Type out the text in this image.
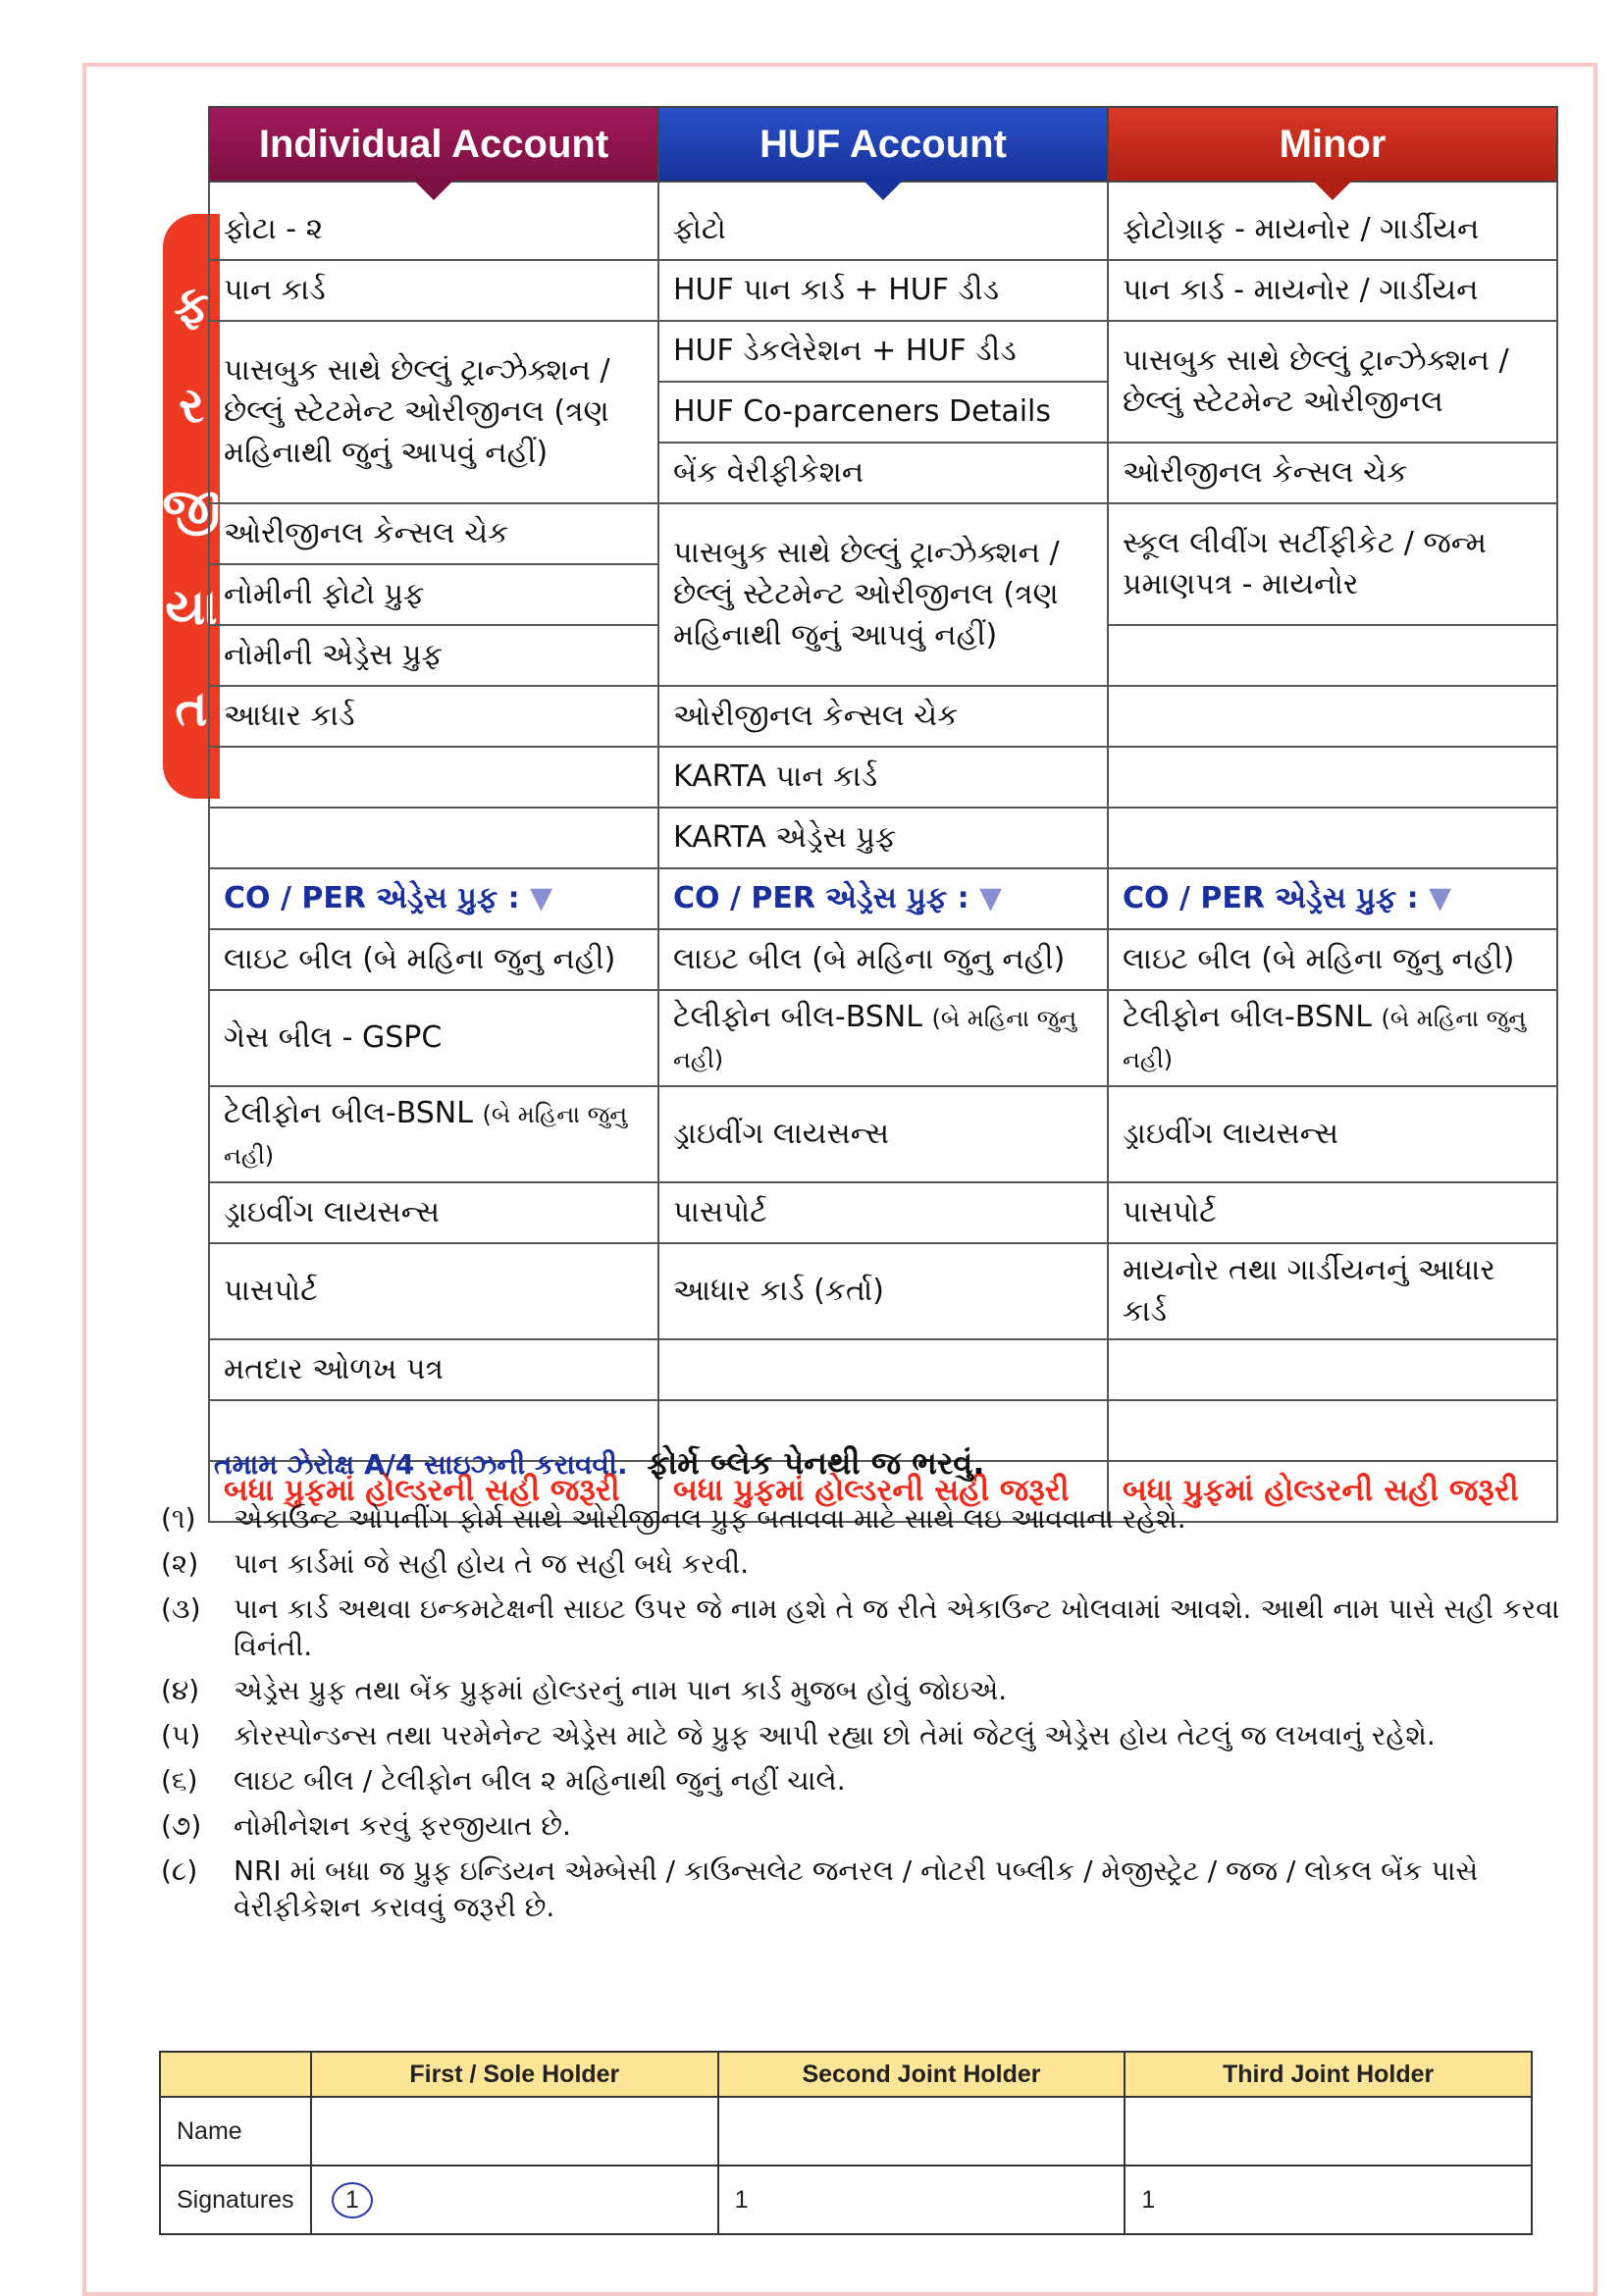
ફ
ર
જી
યા
ત
Individual Account	HUF Account	Minor

ફોટા - ૨	ફોટો	ફોટોગ્રાફ - માયનોર / ગાર્ડીયન
પાન કાર્ડ	HUF પાન કાર્ડ + HUF ડીડ	પાન કાર્ડ - માયનોર / ગાર્ડીયન
પાસબુક સાથે છેલ્લું ટ્રાન્ઝેક્શન / છેલ્લું સ્ટેટમેન્ટ ઓરીજીનલ (ત્રણ મહિનાથી જુનું આપવું નહીં)	HUF ડેકલેરેશન + HUF ડીડ	પાસબુક સાથે છેલ્લું ટ્રાન્ઝેક્શન / છેલ્લું સ્ટેટમેન્ટ ઓરીજીનલ
	HUF Co-parceners Details	
	બેંક વેરીફીકેશન	ઓરીજીનલ કેન્સલ ચેક
ઓરીજીનલ કેન્સલ ચેક	પાસબુક સાથે છેલ્લું ટ્રાન્ઝેક્શન / છેલ્લું સ્ટેટમેન્ટ ઓરીજીનલ (ત્રણ મહિનાથી જુનું આપવું નહીં)	સ્કૂલ લીવીંગ સર્ટીફીકેટ / જન્મ પ્રમાણપત્ર - માયનોર
નોમીની ફોટો પ્રુફ		
નોમીની એડ્રેસ પ્રુફ		
આધાર કાર્ડ	ઓરીજીનલ કેન્સલ ચેક	
	KARTA પાન કાર્ડ	
	KARTA એડ્રેસ પ્રુફ	
CO / PER એડ્રેસ પ્રુફ : ▼	CO / PER એડ્રેસ પ્રુફ : ▼	CO / PER એડ્રેસ પ્રુફ : ▼
લાઇટ બીલ (બે મહિના જુનુ નહી)	લાઇટ બીલ (બે મહિના જુનુ નહી)	લાઇટ બીલ (બે મહિના જુનુ નહી)
ગેસ બીલ - GSPC	ટેલીફોન બીલ-BSNL (બે મહિના જુનુ નહી)	ટેલીફોન બીલ-BSNL (બે મહિના જુનુ નહી)
ટેલીફોન બીલ-BSNL (બે મહિના જુનુ નહી)	ડ્રાઇવીંગ લાયસન્સ	ડ્રાઇવીંગ લાયસન્સ
ડ્રાઇવીંગ લાયસન્સ	પાસપોર્ટ	પાસપોર્ટ
પાસપોર્ટ	આધાર કાર્ડ (કર્તા)	માયનોર તથા ગાર્ડીયનનું આધાર કાર્ડ
મતદાર ઓળખ પત્ર		

બધા પ્રુફમાં હોલ્ડરની સહી જરૂરી	બધા પ્રુફમાં હોલ્ડરની સહી જરૂરી	બધા પ્રુફમાં હોલ્ડરની સહી જરૂરી
તમામ ઝેરોક્ષ A/4 સાઇઝની કરાવવી. ફોર્મ બ્લેક પેનથી જ ભરવું.
(૧)	એકાઉન્ટ ઓપનીંગ ફોર્મ સાથે ઓરીજીનલ પ્રુફ બતાવવા માટે સાથે લઇ આવવાના રહેશે.
(૨)	પાન કાર્ડમાં જે સહી હોય તે જ સહી બધે કરવી.
(૩)	પાન કાર્ડ અથવા ઇન્કમટેક્ષની સાઇટ ઉપર જે નામ હશે તે જ રીતે એકાઉન્ટ ખોલવામાં આવશે. આથી નામ પાસે સહી કરવા વિનંતી.
(૪)	એડ્રેસ પ્રુફ તથા બેંક પ્રુફમાં હોલ્ડરનું નામ પાન કાર્ડ મુજબ હોવું જોઇએ.
(૫)	કોરસ્પોન્ડન્સ તથા પરમેનેન્ટ એડ્રેસ માટે જે પ્રુફ આપી રહ્યા છો તેમાં જેટલું એડ્રેસ હોય તેટલું જ લખવાનું રહેશે.
(૬)	લાઇટ બીલ / ટેલીફોન બીલ ૨ મહિનાથી જુનું નહીં ચાલે.
(૭)	નોમીનેશન કરવું ફરજીયાત છે.
(૮)	NRI માં બધા જ પ્રુફ ઇન્ડિયન એમ્બેસી / કાઉન્સલેટ જનરલ / નોટરી પબ્લીક / મેજીસ્ટ્રેટ / જજ / લોકલ બેંક પાસે વેરીફીકેશન કરાવવું જરૂરી છે.
	First / Sole Holder	Second Joint Holder	Third Joint Holder
Name			
Signatures	1	1	1
